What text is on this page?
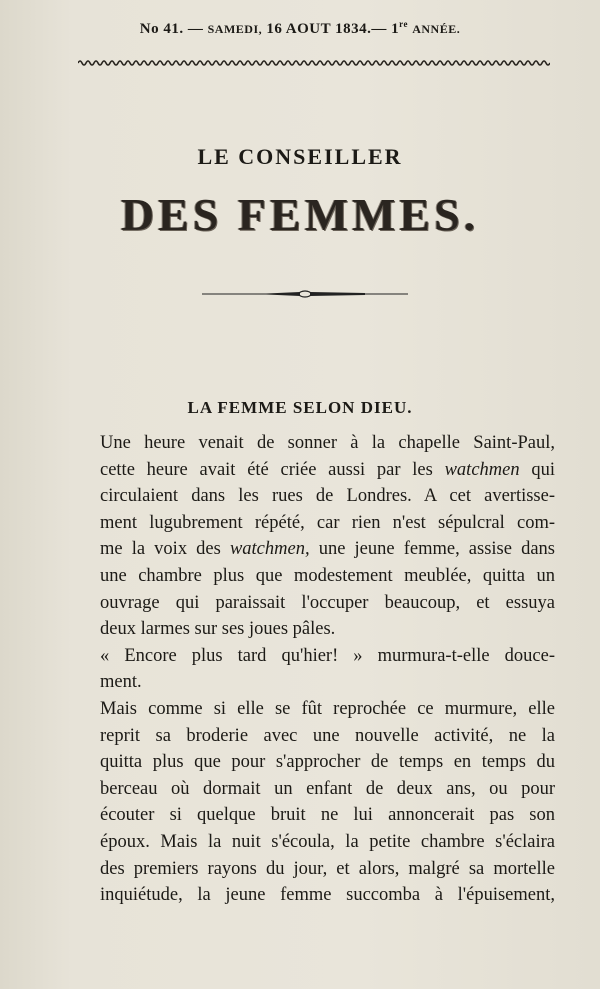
No 41. — SAMEDI, 16 AOUT 1834.— 1re ANNÉE.
LE CONSEILLER
DES FEMMES.
LA FEMME SELON DIEU.
Une heure venait de sonner à la chapelle Saint-Paul,
cette heure avait été criée aussi par les watchmen qui
circulaient dans les rues de Londres. A cet avertisse-
ment lugubrement répété, car rien n'est sépulcral com-
me la voix des watchmen, une jeune femme, assise dans
une chambre plus que modestement meublée, quitta un
ouvrage qui paraissait l'occuper beaucoup, et essuya
deux larmes sur ses joues pâles.
« Encore plus tard qu'hier! » murmura-t-elle douce-
ment.
Mais comme si elle se fût reprochée ce murmure, elle
reprit sa broderie avec une nouvelle activité, ne la
quitta plus que pour s'approcher de temps en temps du
berceau où dormait un enfant de deux ans, ou pour
écouter si quelque bruit ne lui annoncerait pas son
époux. Mais la nuit s'écoula, la petite chambre s'éclaira
des premiers rayons du jour, et alors, malgré sa mortelle
inquiétude, la jeune femme succomba à l'épuisement,
